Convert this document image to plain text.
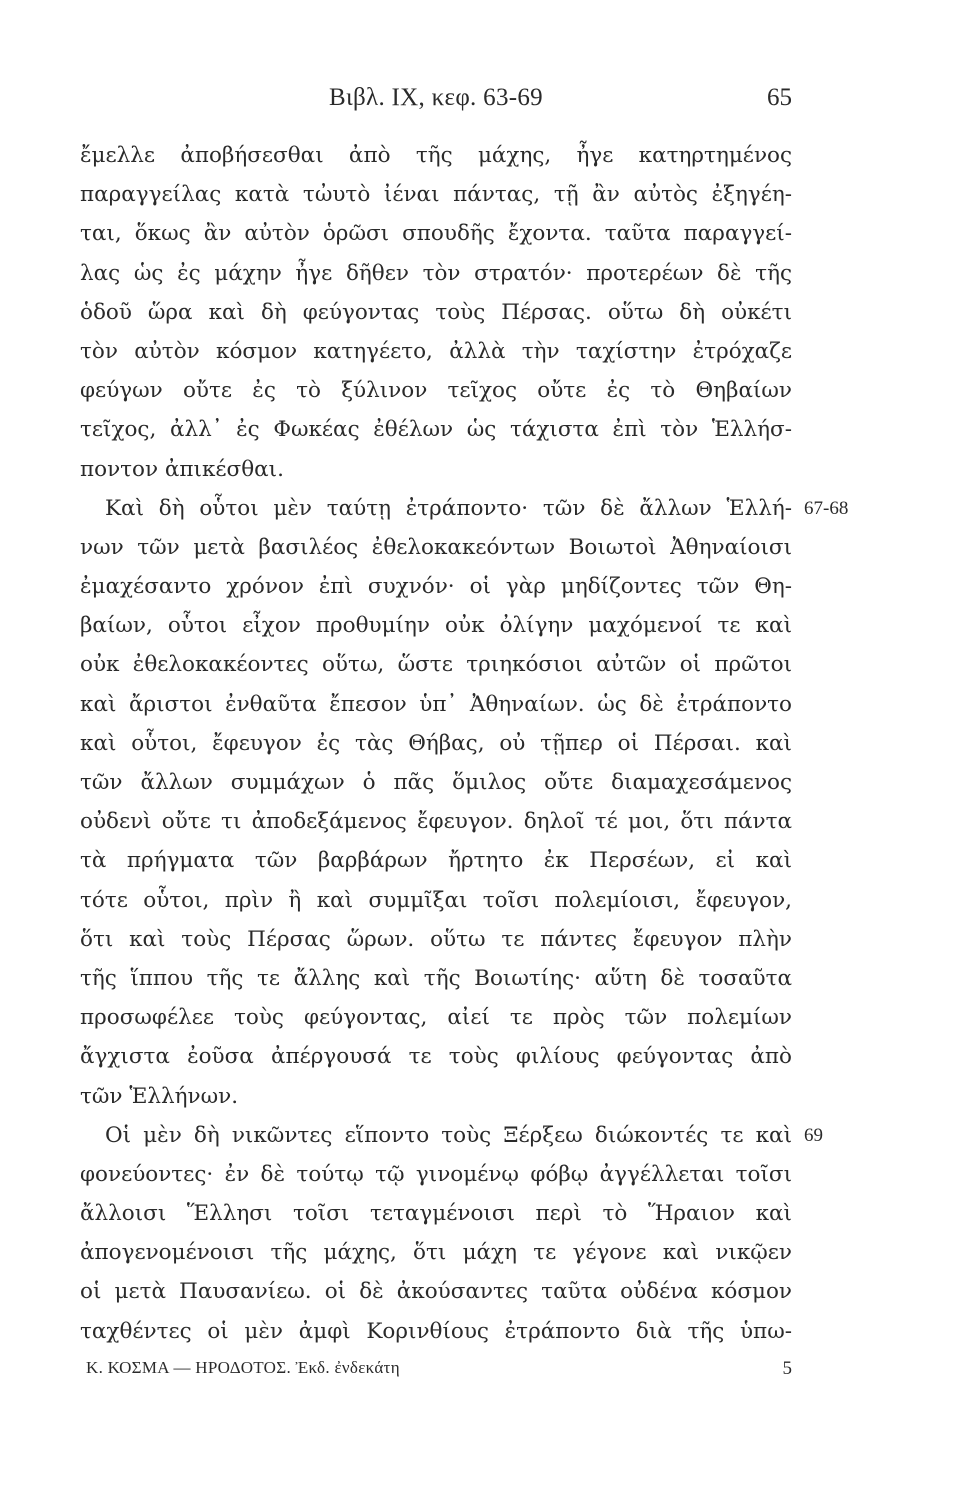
Βιβλ. ΙΧ, κεφ. 63-69	65
ἔμελλε ἀποβήσεσθαι ἀπὸ τῆς μάχης, ἦγε κατηρτημένος
παραγγείλας κατὰ τὠυτὸ ἰέναι πάντας, τῇ ἂν αὐτὸς ἐξηγέη-
ται, ὅκως ἂν αὐτὸν ὁρῶσι σπουδῆς ἔχοντα. ταῦτα παραγγεί-
λας ὡς ἐς μάχην ἦγε δῆθεν τὸν στρατόν· προτερέων δὲ τῆς
ὁδοῦ ὥρα καὶ δὴ φεύγοντας τοὺς Πέρσας. οὕτω δὴ οὐκέτι
τὸν αὐτὸν κόσμον κατηγέετο, ἀλλὰ τὴν ταχίστην ἐτρόχαζε
φεύγων οὔτε ἐς τὸ ξύλινον τεῖχος οὔτε ἐς τὸ Θηβαίων
τεῖχος, ἀλλ᾽ ἐς Φωκέας ἐθέλων ὡς τάχιστα ἐπὶ τὸν Ἑλλήσ-
ποντον ἀπικέσθαι.
Καὶ δὴ οὗτοι μὲν ταύτῃ ἐτράποντο· τῶν δὲ ἄλλων Ἑλλή- 67-68
νων τῶν μετὰ βασιλέος ἐθελοκακεόντων Βοιωτοὶ Ἀθηναίοισι
ἐμαχέσαντο χρόνον ἐπὶ συχνόν· οἱ γὰρ μηδίζοντες τῶν Θη-
βαίων, οὗτοι εἶχον προθυμίην οὐκ ὀλίγην μαχόμενοί τε καὶ
οὐκ ἐθελοκακέοντες οὕτω, ὥστε τριηκόσιοι αὐτῶν οἱ πρῶτοι
καὶ ἄριστοι ἐνθαῦτα ἔπεσον ὑπ᾽ Ἀθηναίων. ὡς δὲ ἐτράποντο
καὶ οὗτοι, ἔφευγον ἐς τὰς Θήβας, οὐ τῇπερ οἱ Πέρσαι. καὶ
τῶν ἄλλων συμμάχων ὁ πᾶς ὅμιλος οὔτε διαμαχεσάμενος
οὐδενὶ οὔτε τι ἀποδεξάμενος ἔφευγον. δηλοῖ τέ μοι, ὅτι πάντα
τὰ πρήγματα τῶν βαρβάρων ἤρτητο ἐκ Περσέων, εἰ καὶ
τότε οὗτοι, πρὶν ἢ καὶ συμμῖξαι τοῖσι πολεμίοισι, ἔφευγον,
ὅτι καὶ τοὺς Πέρσας ὥρων. οὕτω τε πάντες ἔφευγον πλὴν
τῆς ἵππου τῆς τε ἄλλης καὶ τῆς Βοιωτίης· αὕτη δὲ τοσαῦτα
προσωφέλεε τοὺς φεύγοντας, αἰεί τε πρὸς τῶν πολεμίων
ἄγχιστα ἐοῦσα ἀπέργουσά τε τοὺς φιλίους φεύγοντας ἀπὸ
τῶν Ἑλλήνων.
Οἱ μὲν δὴ νικῶντες εἵποντο τοὺς Ξέρξεω διώκοντές τε καὶ 69
φονεύοντες· ἐν δὲ τούτῳ τῷ γινομένῳ φόβῳ ἀγγέλλεται τοῖσι
ἄλλοισι Ἕλλησι τοῖσι τεταγμένοισι περὶ τὸ Ἥραιον καὶ
ἀπογενομένοισι τῆς μάχης, ὅτι μάχη τε γέγονε καὶ νικῷεν
οἱ μετὰ Παυσανίεω. οἱ δὲ ἀκούσαντες ταῦτα οὐδένα κόσμον
ταχθέντες οἱ μὲν ἀμφὶ Κορινθίους ἐτράποντο διὰ τῆς ὑπω-
Κ. ΚΟΣΜΑ — ΗΡΟΔΟΤΟΣ. Ἐκδ. ἐνδεκάτη	5
